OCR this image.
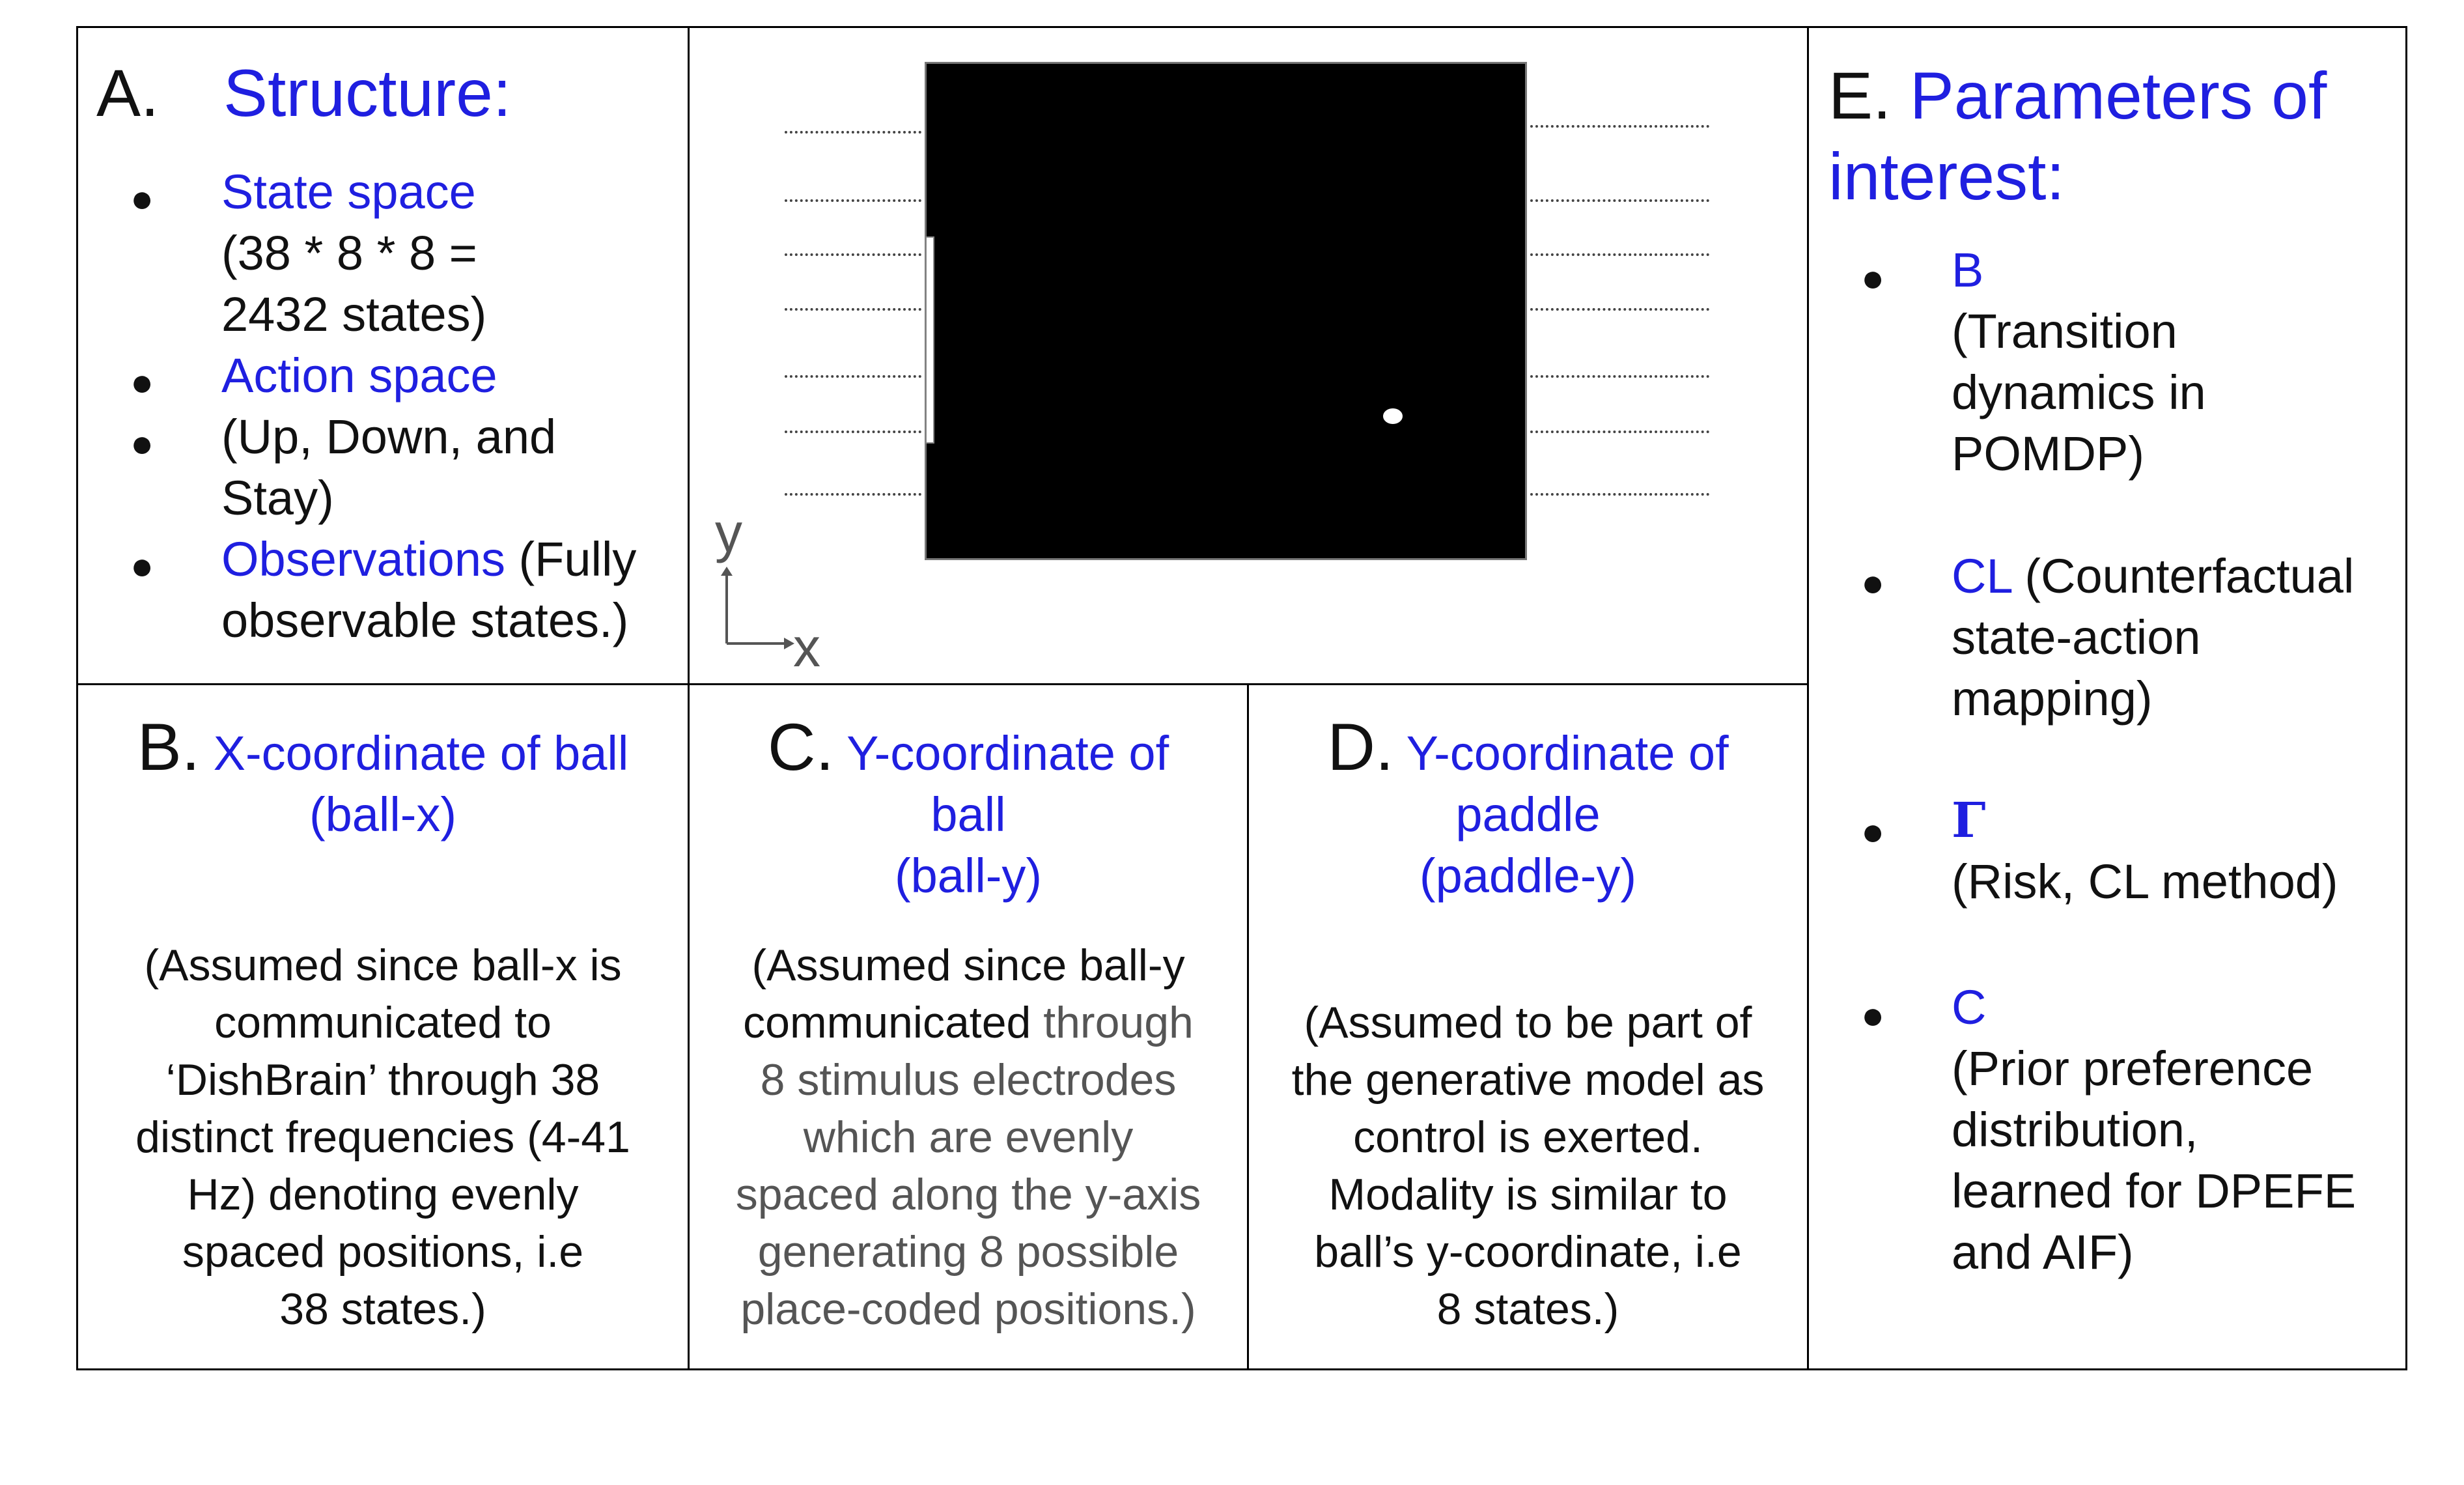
A. Structure:
● State space
(38 * 8 * 8 =
2432 states)
● Action space
● (Up, Down, and
Stay)
● Observations (Fully
observable states.)
y
x
E. Parameters of
interest:
● B
(Transition
dynamics in
POMDP)
● CL (Counterfactual
state-action
mapping)
● Γ
(Risk, CL method)
● C
(Prior preference
distribution,
learned for DPEFE
and AIF)
B. X-coordinate of ball
(ball-x)
(Assumed since ball-x is
communicated to
‘DishBrain’ through 38
distinct frequencies (4-41
Hz) denoting evenly
spaced positions, i.e
38 states.)
C. Y-coordinate of
ball
(ball-y)
(Assumed since ball-y
communicated through
8 stimulus electrodes
which are evenly
spaced along the y-axis
generating 8 possible
place-coded positions.)
D. Y-coordinate of
paddle
(paddle-y)
(Assumed to be part of
the generative model as
control is exerted.
Modality is similar to
ball’s y-coordinate, i.e
8 states.)
